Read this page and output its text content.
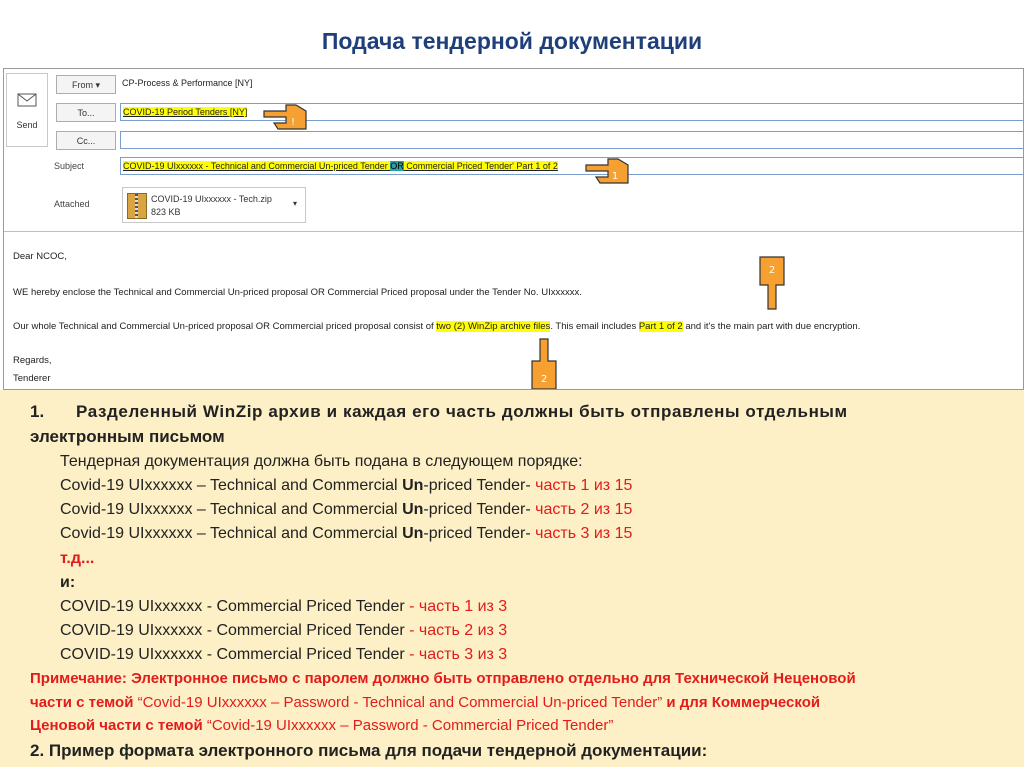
Подача тендерной документации
Send
From ▾	CP-Process & Performance [NY]
To...	COVID-19 Period Tenders [NY]
Cc...
Subject	COVID-19 UIxxxxxx - Technical and Commercial Un-priced Tender OR Commercial Priced Tender' Part 1 of 2
Attached	COVID-19 UIxxxxxx - Tech.zip
823 KB
▾
Dear NCOC,
WE hereby enclose the Technical and Commercial Un-priced proposal OR Commercial Priced proposal under the Tender No. UIxxxxxx.
Our whole Technical and Commercial Un-priced proposal OR Commercial priced proposal consist of two (2) WinZip archive files. This email includes Part 1 of 2 and it's the main part with due encryption.
Regards,
Tenderer
!
1
2
2
1. Разделенный WinZip архив и каждая его часть должны быть отправлены отдельным
электронным письмом
Тендерная документация должна быть подана в следующем порядке:
Covid-19 UIxxxxxx – Technical and Commercial Un-priced Tender- часть 1 из 15
Covid-19 UIxxxxxx – Technical and Commercial Un-priced Tender- часть 2 из 15
Covid-19 UIxxxxxx – Technical and Commercial Un-priced Tender- часть 3 из 15
т.д...
и:
COVID-19 UIxxxxxx - Commercial Priced Tender - часть 1 из 3
COVID-19 UIxxxxxx - Commercial Priced Tender - часть 2 из 3
COVID-19 UIxxxxxx - Commercial Priced Tender - часть 3 из 3
Примечание: Электронное письмо с паролем должно быть отправлено отдельно для Технической Неценовой
части с темой “Covid-19 UIxxxxxx – Password - Technical and Commercial Un-priced Tender” и для Коммерческой
Ценовой части с темой “Covid-19 UIxxxxxx – Password - Commercial Priced Tender”
2. Пример формата электронного письма для подачи тендерной документации:
